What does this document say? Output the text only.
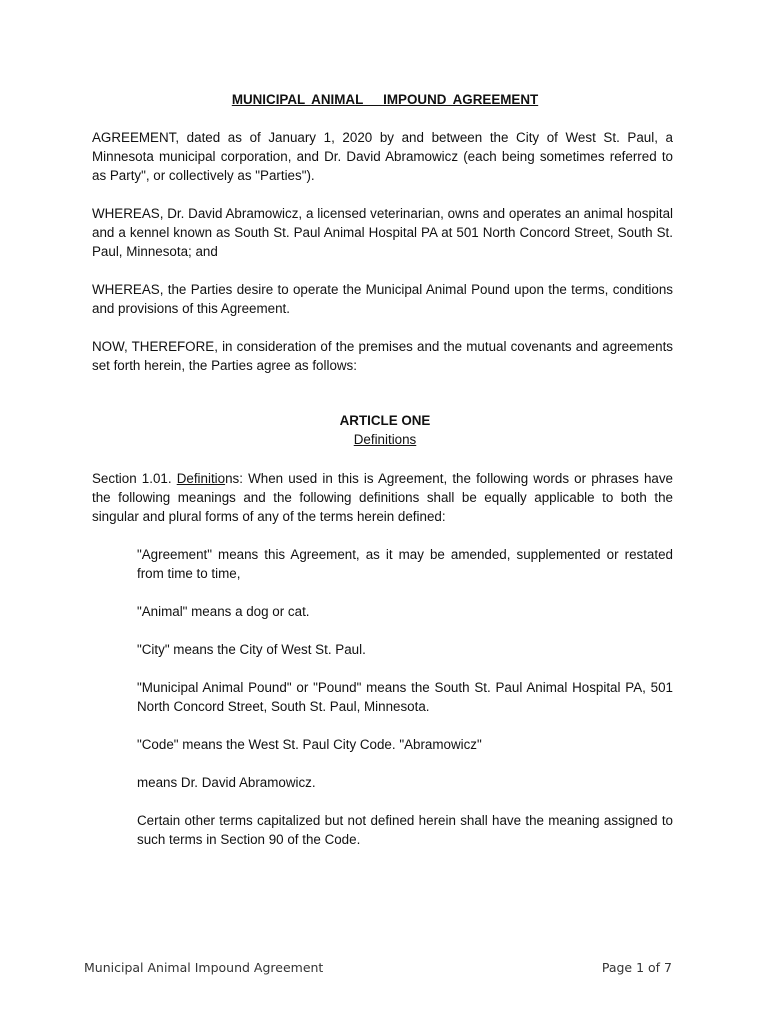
MUNICIPAL ANIMAL   IMPOUND AGREEMENT

AGREEMENT, dated as of January 1, 2020 by and between the City of West St. Paul, a Minnesota municipal corporation, and Dr. David Abramowicz (each being sometimes referred to as Party", or collectively as "Parties").

WHEREAS, Dr. David Abramowicz, a licensed veterinarian, owns and operates an animal hospital and a kennel known as South St. Paul Animal Hospital PA at 501 North Concord Street, South St. Paul, Minnesota; and

WHEREAS, the Parties desire to operate the Municipal Animal Pound upon the terms, conditions and provisions of this Agreement.

NOW, THEREFORE, in consideration of the premises and the mutual covenants and agreements set forth herein, the Parties agree as follows:

ARTICLE ONE
Definitions

Section 1.01. Definitions: When used in this is Agreement, the following words or phrases have the following meanings and the following definitions shall be equally applicable to both the singular and plural forms of any of the terms herein defined:

"Agreement" means this Agreement, as it may be amended, supplemented or restated from time to time,

"Animal" means a dog or cat.

"City" means the City of West St. Paul.

"Municipal Animal Pound" or "Pound" means the South St. Paul Animal Hospital PA, 501 North Concord Street, South St. Paul, Minnesota.

"Code" means the West St. Paul City Code. "Abramowicz"

means Dr. David Abramowicz.

Certain other terms capitalized but not defined herein shall have the meaning assigned to such terms in Section 90 of the Code.

Municipal Animal Impound Agreement	Page 1 of 7
